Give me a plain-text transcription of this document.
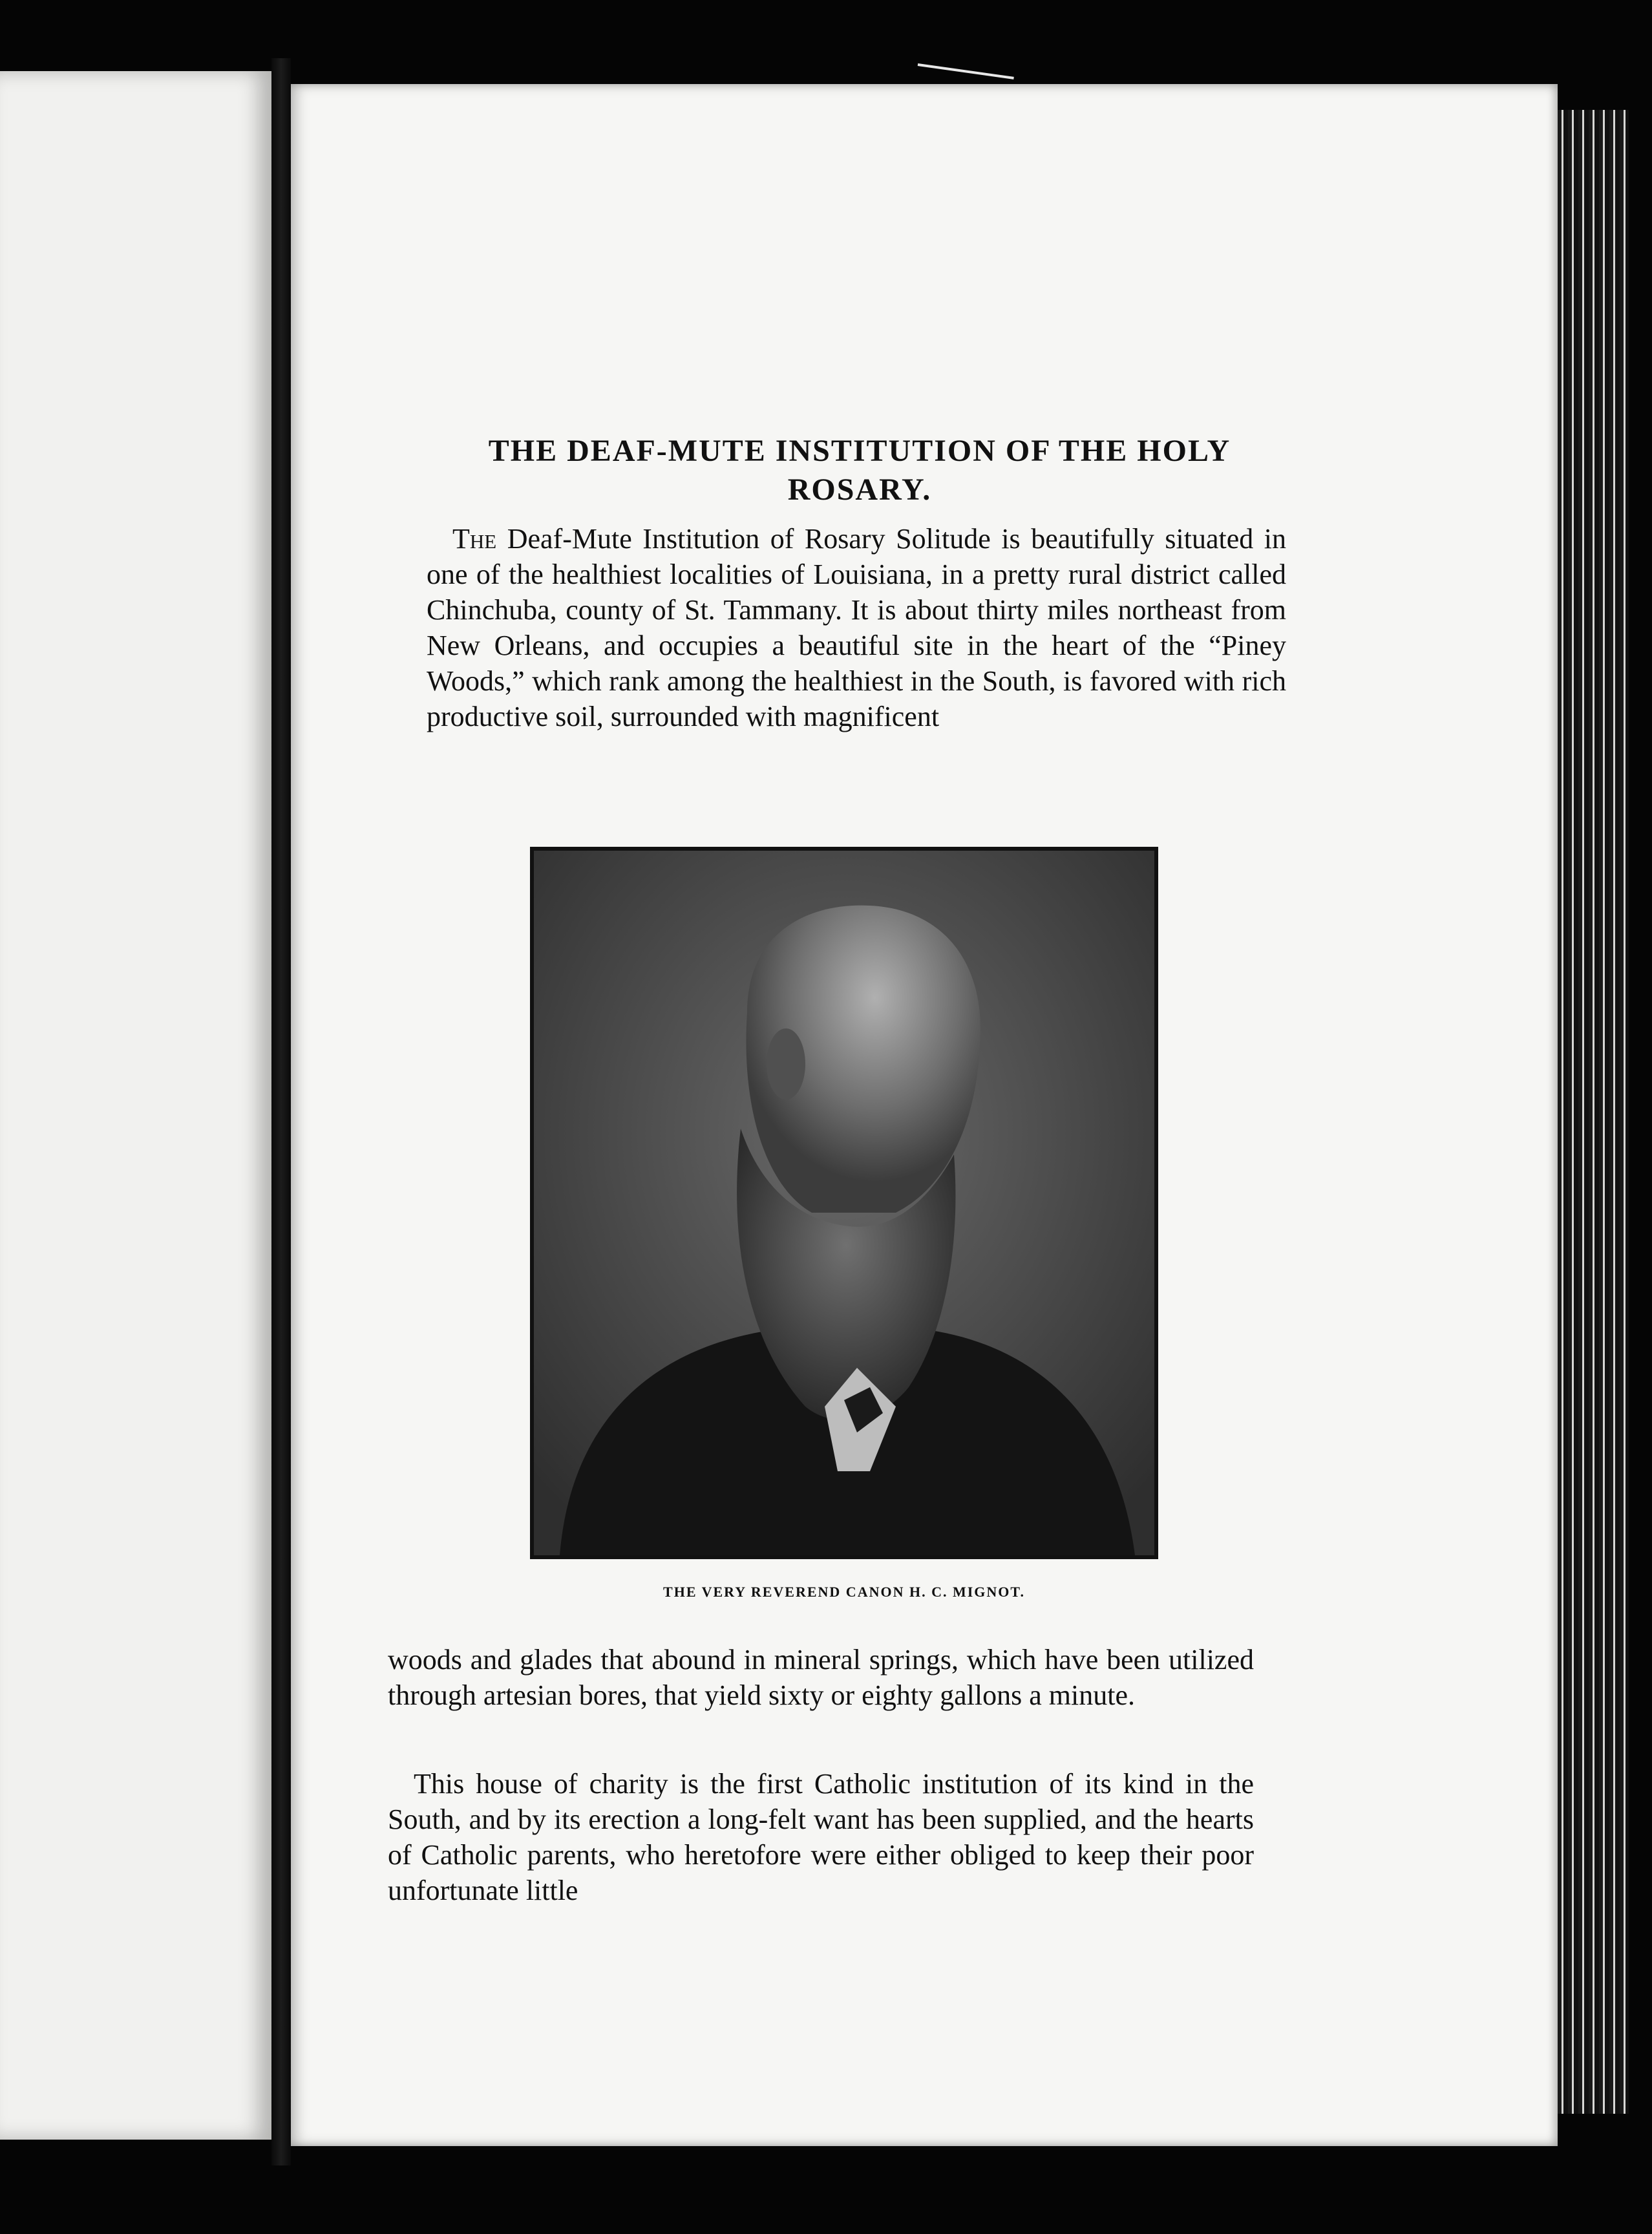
THE DEAF-MUTE INSTITUTION OF THE HOLY ROSARY.
The Deaf-Mute Institution of Rosary Solitude is beautifully situated in one of the healthiest localities of Louisiana, in a pretty rural district called Chinchuba, county of St. Tammany. It is about thirty miles northeast from New Orleans, and occupies a beautiful site in the heart of the “Piney Woods,” which rank among the healthiest in the South, is favored with rich productive soil, surrounded with magnificent
THE VERY REVEREND CANON H. C. MIGNOT.
woods and glades that abound in mineral springs, which have been utilized through artesian bores, that yield sixty or eighty gallons a minute.
This house of charity is the first Catholic institution of its kind in the South, and by its erection a long-felt want has been supplied, and the hearts of Catholic parents, who heretofore were either obliged to keep their poor unfortunate little
